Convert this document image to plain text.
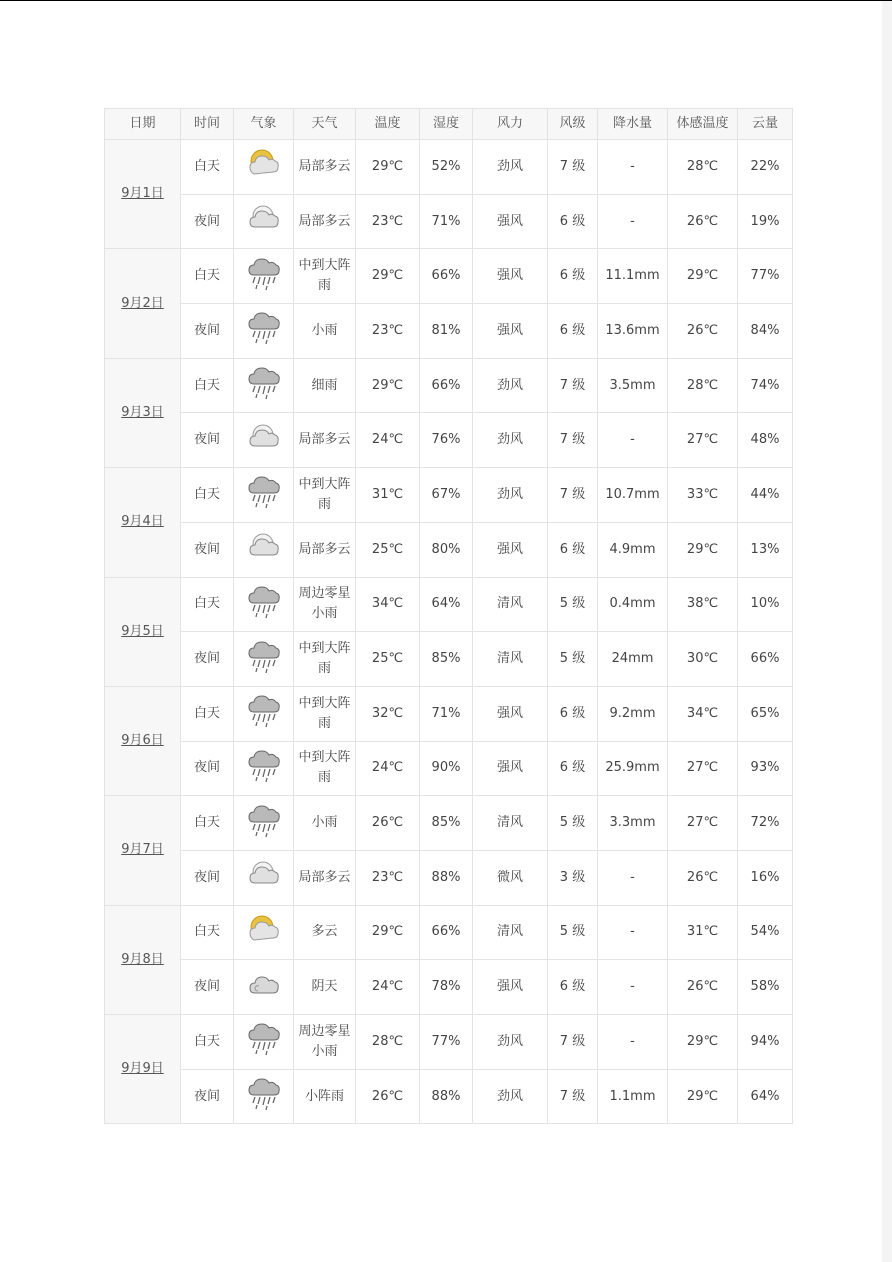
日期	时间	气象	天气	温度	湿度	风力	风级	降水量	体感温度	云量
9月1日	白天		局部多云	29℃	52%	劲风	7 级	-	28℃	22%
	夜间		局部多云	23℃	71%	强风	6 级	-	26℃	19%
9月2日	白天		中到大阵雨	29℃	66%	强风	6 级	11.1mm	29℃	77%
	夜间		小雨	23℃	81%	强风	6 级	13.6mm	26℃	84%
9月3日	白天		细雨	29℃	66%	劲风	7 级	3.5mm	28℃	74%
	夜间		局部多云	24℃	76%	劲风	7 级	-	27℃	48%
9月4日	白天		中到大阵雨	31℃	67%	劲风	7 级	10.7mm	33℃	44%
	夜间		局部多云	25℃	80%	强风	6 级	4.9mm	29℃	13%
9月5日	白天		周边零星小雨	34℃	64%	清风	5 级	0.4mm	38℃	10%
	夜间		中到大阵雨	25℃	85%	清风	5 级	24mm	30℃	66%
9月6日	白天		中到大阵雨	32℃	71%	强风	6 级	9.2mm	34℃	65%
	夜间		中到大阵雨	24℃	90%	强风	6 级	25.9mm	27℃	93%
9月7日	白天		小雨	26℃	85%	清风	5 级	3.3mm	27℃	72%
	夜间		局部多云	23℃	88%	微风	3 级	-	26℃	16%
9月8日	白天		多云	29℃	66%	清风	5 级	-	31℃	54%
	夜间		阴天	24℃	78%	强风	6 级	-	26℃	58%
9月9日	白天		周边零星小雨	28℃	77%	劲风	7 级	-	29℃	94%
	夜间		小阵雨	26℃	88%	劲风	7 级	1.1mm	29℃	64%
